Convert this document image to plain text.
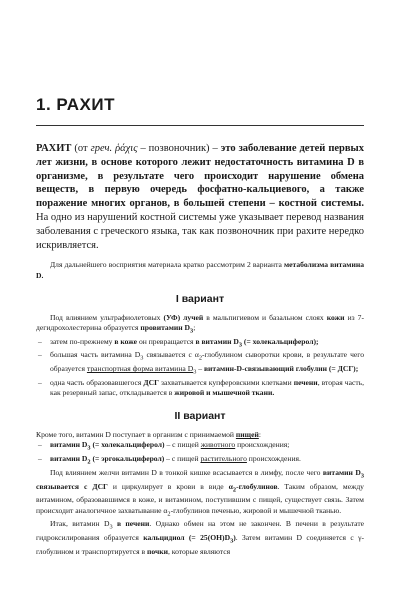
1. РАХИТ

РАХИТ (от греч. ῥάχις – позвоночник) – это заболевание детей первых лет жизни, в основе которого лежит недостаточность витамина D в организме, в результате чего происходит нарушение обмена веществ, в первую очередь фосфатно-кальциевого, а также поражение многих органов, в большей степени – костной системы. На одно из нарушений костной системы уже указывает перевод названия заболевания с греческого языка, так как позвоночник при рахите нередко искривляется.

Для дальнейшего восприятия материала кратко рассмотрим 2 варианта метаболизма витамина D.

I вариант

Под влиянием ультрафиолетовых (УФ) лучей в мальпигиевом и базальном слоях кожи из 7-дегидрохолестерина образуется провитамин $D_3$;

– затем по-прежнему в коже он превращается в витамин $D_3$ (= холекальциферол);
– большая часть витамина $D_3$ связывается с $\alpha_2$-глобулином сыворотки крови, в результате чего образуется транспортная форма витамина $D_3$ – витамин-D-связывающий глобулин (= ДСГ);
– одна часть образовавшегося ДСГ захватывается купферовскими клетками печени, вторая часть, как резервный запас, откладывается в жировой и мышечной ткани.
II вариант

Кроме того, витамин D поступает в организм с принимаемой пищей:

– витамин $D_3$ (= холекальциферол) – с пищей животного происхождения;
– витамин $D_2$ (= эргокальциферол) – с пищей растительного происхождения.

Под влиянием желчи витамин D в тонкой кишке всасывается в лимфу, после чего витамин $D_3$ связывается с ДСГ и циркулирует в крови в виде $\alpha_2$-глобулинов. Таким образом, между витамином, образовавшимся в коже, и витамином, поступившим с пищей, существует связь. Затем происходит аналогичное захватывание $\alpha_2$-глобулинов печенью, жировой и мышечной тканью.

Итак, витамин $D_3$ в печени. Однако обмен на этом не закончен. В печени в результате гидроксилирования образуется кальцидиол (= $25(OH)D_3$). Затем витамин D соединяется с γ-глобулином и транспортируется в почки, которые являются
